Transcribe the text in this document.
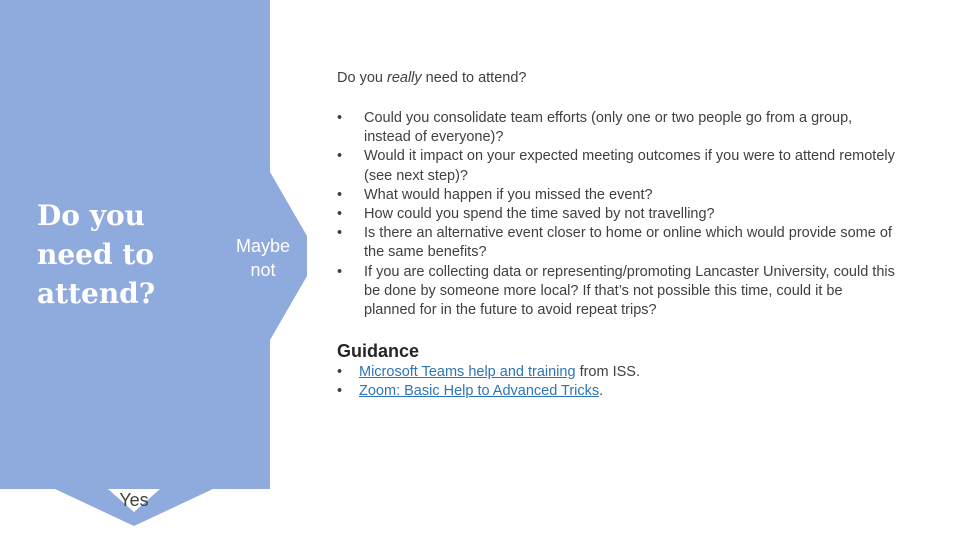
Do you need to attend?
Maybe not
Yes
Do you really need to attend?
• Could you consolidate team efforts (only one or two people go from a group, instead of everyone)?
• Would it impact on your expected meeting outcomes if you were to attend remotely (see next step)?
• What would happen if you missed the event?
• How could you spend the time saved by not travelling?
• Is there an alternative event closer to home or online which would provide some of the same benefits?
• If you are collecting data or representing/promoting Lancaster University, could this be done by someone more local? If that’s not possible this time, could it be planned for in the future to avoid repeat trips?
Guidance
• Microsoft Teams help and training from ISS.
• Zoom: Basic Help to Advanced Tricks.
